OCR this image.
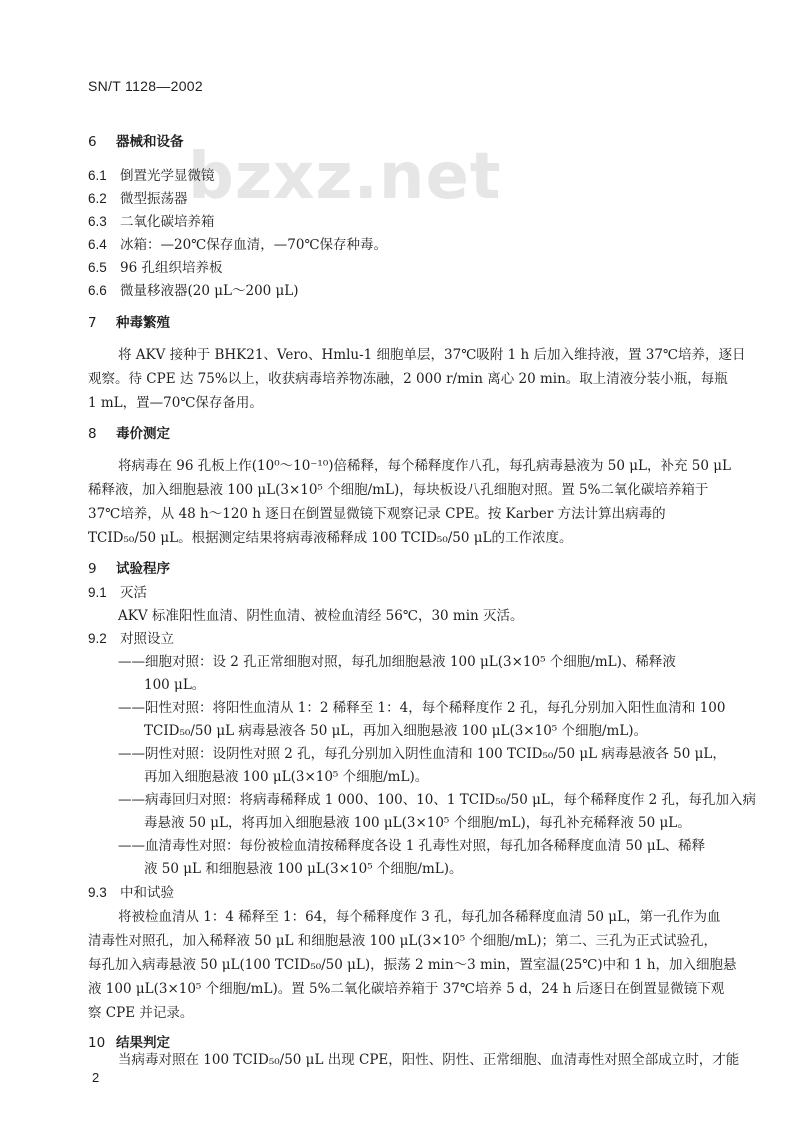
bzxz.net
SN/T 1128—2002
6 器械和设备
6.1 倒置光学显微镜
6.2 微型振荡器
6.3 二氧化碳培养箱
6.4 冰箱：—20℃保存血清，—70℃保存种毒。
6.5 96 孔组织培养板
6.6 微量移液器(20 μL～200 μL)
7 种毒繁殖
将 AKV 接种于 BHK21、Vero、Hmlu-1 细胞单层，37℃吸附 1 h 后加入维持液，置 37℃培养，逐日
观察。待 CPE 达 75%以上，收获病毒培养物冻融，2 000 r/min 离心 20 min。取上清液分装小瓶，每瓶
1 mL，置—70℃保存备用。
8 毒价测定
将病毒在 96 孔板上作(10⁰～10⁻¹⁰)倍稀释，每个稀释度作八孔，每孔病毒悬液为 50 μL，补充 50 μL
稀释液，加入细胞悬液 100 μL(3×10⁵ 个细胞/mL)，每块板设八孔细胞对照。置 5%二氧化碳培养箱于
37℃培养，从 48 h～120 h 逐日在倒置显微镜下观察记录 CPE。按 Karber 方法计算出病毒的
TCID₅₀/50 μL。根据测定结果将病毒液稀释成 100 TCID₅₀/50 μL的工作浓度。
9 试验程序
9.1 灭活
AKV 标准阳性血清、阴性血清、被检血清经 56℃，30 min 灭活。
9.2 对照设立
——细胞对照：设 2 孔正常细胞对照，每孔加细胞悬液 100 μL(3×10⁵ 个细胞/mL)、稀释液
100 μL。
——阳性对照：将阳性血清从 1：2 稀释至 1：4，每个稀释度作 2 孔，每孔分别加入阳性血清和 100
TCID₅₀/50 μL 病毒悬液各 50 μL，再加入细胞悬液 100 μL(3×10⁵ 个细胞/mL)。
——阴性对照：设阴性对照 2 孔，每孔分别加入阴性血清和 100 TCID₅₀/50 μL 病毒悬液各 50 μL，
再加入细胞悬液 100 μL(3×10⁵ 个细胞/mL)。
——病毒回归对照：将病毒稀释成 1 000、100、10、1 TCID₅₀/50 μL，每个稀释度作 2 孔，每孔加入病
毒悬液 50 μL，将再加入细胞悬液 100 μL(3×10⁵ 个细胞/mL)，每孔补充稀释液 50 μL。
——血清毒性对照：每份被检血清按稀释度各设 1 孔毒性对照，每孔加各稀释度血清 50 μL、稀释
液 50 μL 和细胞悬液 100 μL(3×10⁵ 个细胞/mL)。
9.3 中和试验
将被检血清从 1：4 稀释至 1：64，每个稀释度作 3 孔，每孔加各稀释度血清 50 μL，第一孔作为血
清毒性对照孔，加入稀释液 50 μL 和细胞悬液 100 μL(3×10⁵ 个细胞/mL)；第二、三孔为正式试验孔，
每孔加入病毒悬液 50 μL(100 TCID₅₀/50 μL)，振荡 2 min～3 min，置室温(25℃)中和 1 h，加入细胞悬
液 100 μL(3×10⁵ 个细胞/mL)。置 5%二氧化碳培养箱于 37℃培养 5 d，24 h 后逐日在倒置显微镜下观
察 CPE 并记录。
10 结果判定
当病毒对照在 100 TCID₅₀/50 μL 出现 CPE，阳性、阴性、正常细胞、血清毒性对照全部成立时，才能
2
